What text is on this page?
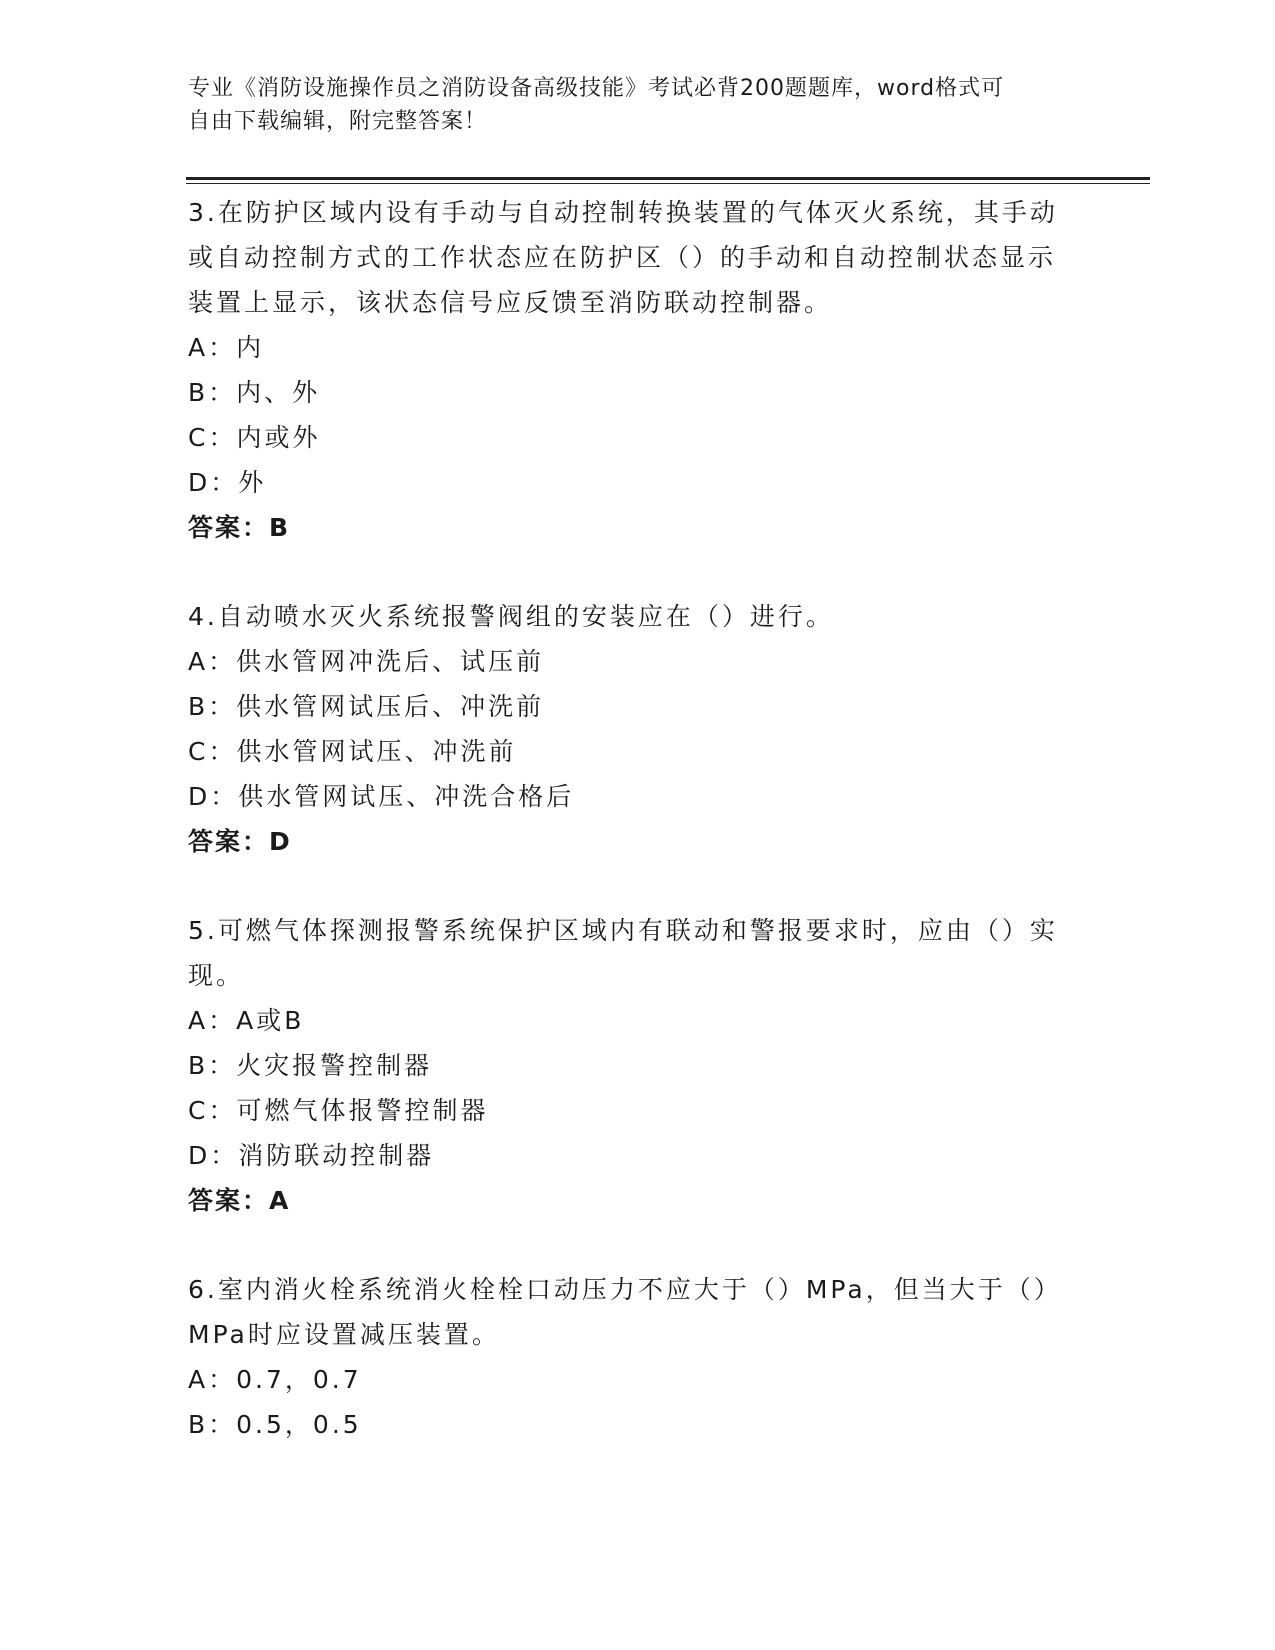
专业《消防设施操作员之消防设备高级技能》考试必背200题题库，word格式可
自由下载编辑，附完整答案！
3.在防护区域内设有手动与自动控制转换装置的气体灭火系统，其手动或自动控制方式的工作状态应在防护区（）的手动和自动控制状态显示装置上显示，该状态信号应反馈至消防联动控制器。
A：内
B：内、外
C：内或外
D：外
答案：B
4.自动喷水灭火系统报警阀组的安装应在（）进行。
A：供水管网冲洗后、试压前
B：供水管网试压后、冲洗前
C：供水管网试压、冲洗前
D：供水管网试压、冲洗合格后
答案：D
5.可燃气体探测报警系统保护区域内有联动和警报要求时，应由（）实现。
A：A或B
B：火灾报警控制器
C：可燃气体报警控制器
D：消防联动控制器
答案：A
6.室内消火栓系统消火栓栓口动压力不应大于（）MPa，但当大于（）MPa时应设置减压装置。
A：0.7，0.7
B：0.5，0.5
